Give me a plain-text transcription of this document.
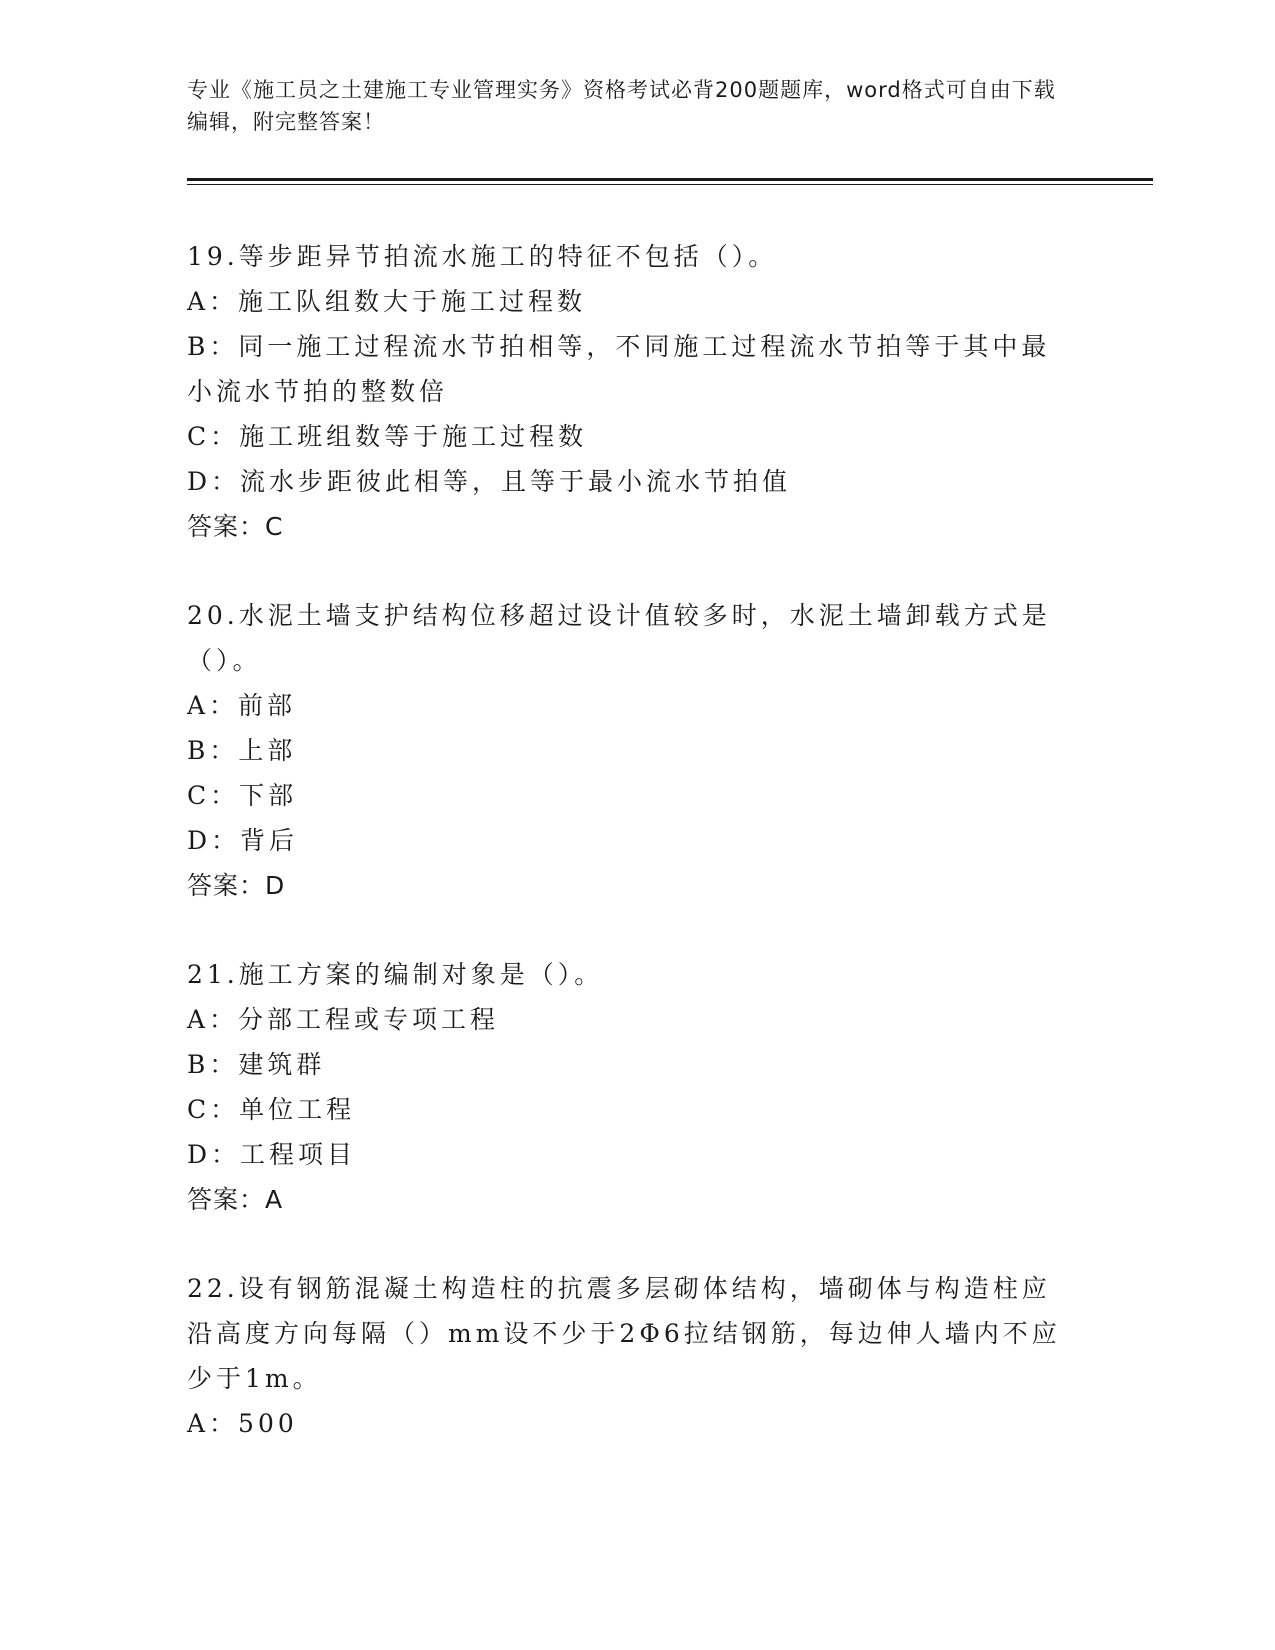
专业《施工员之土建施工专业管理实务》资格考试必背200题题库，word格式可自由下载编辑，附完整答案！

19.等步距异节拍流水施工的特征不包括（）。

A：施工队组数大于施工过程数

B：同一施工过程流水节拍相等，不同施工过程流水节拍等于其中最小流水节拍的整数倍

C：施工班组数等于施工过程数

D：流水步距彼此相等，且等于最小流水节拍值

答案：C

20.水泥土墙支护结构位移超过设计值较多时，水泥土墙卸载方式是（）。

A：前部

B：上部

C：下部

D：背后

答案：D

21.施工方案的编制对象是（）。

A：分部工程或专项工程

B：建筑群

C：单位工程

D：工程项目

答案：A

22.设有钢筋混凝土构造柱的抗震多层砌体结构，墙砌体与构造柱应沿高度方向每隔（）mm设不少于2Φ6拉结钢筋，每边伸人墙内不应少于1m。

A：500
